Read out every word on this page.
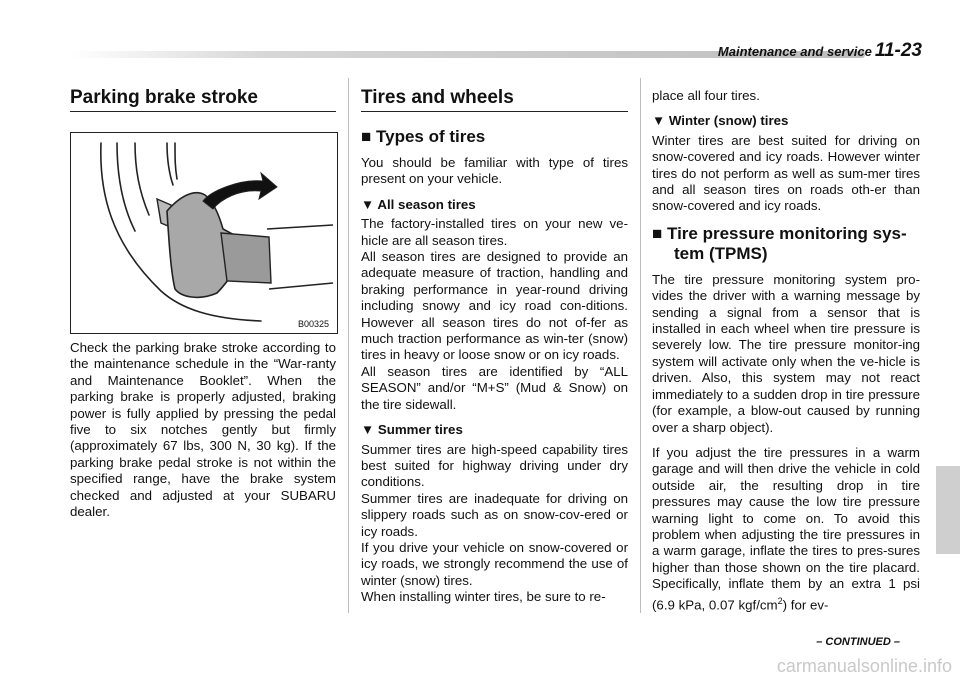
Maintenance and service 11-23
Parking brake stroke
B00325

Check the parking brake stroke according to the maintenance schedule in the “War-ranty and Maintenance Booklet”. When the parking brake is properly adjusted, braking power is fully applied by pressing the pedal five to six notches gently but firmly (approximately 67 lbs, 300 N, 30 kg). If the parking brake pedal stroke is not within the specified range, have the brake system checked and adjusted at your SUBARU dealer.

Tires and wheels
■ Types of tires

You should be familiar with type of tires present on your vehicle.

▼ All season tires
The factory-installed tires on your new ve-hicle are all season tires.
All season tires are designed to provide an adequate measure of traction, handling and braking performance in year-round driving including snowy and icy road con-ditions. However all season tires do not of-fer as much traction performance as win-ter (snow) tires in heavy or loose snow or on icy roads.

All season tires are identified by “ALL SEASON” and/or “M+S” (Mud & Snow) on the tire sidewall.

▼ Summer tires
Summer tires are high-speed capability tires best suited for highway driving under dry conditions.
Summer tires are inadequate for driving on slippery roads such as on snow-cov-ered or icy roads.
If you drive your vehicle on snow-covered or icy roads, we strongly recommend the use of winter (snow) tires.
When installing winter tires, be sure to re-

place all four tires.

▼ Winter (snow) tires

Winter tires are best suited for driving on snow-covered and icy roads. However winter tires do not perform as well as sum-mer tires and all season tires on roads oth-er than snow-covered and icy roads.

■ Tire pressure monitoring sys-
tem (TPMS)

The tire pressure monitoring system pro-vides the driver with a warning message by sending a signal from a sensor that is installed in each wheel when tire pressure is severely low. The tire pressure monitor-ing system will activate only when the ve-hicle is driven. Also, this system may not react immediately to a sudden drop in tire pressure (for example, a blow-out caused by running over a sharp object).

If you adjust the tire pressures in a warm garage and will then drive the vehicle in cold outside air, the resulting drop in tire pressures may cause the low tire pressure warning light to come on. To avoid this problem when adjusting the tire pressures in a warm garage, inflate the tires to pres-sures higher than those shown on the tire placard. Specifically, inflate them by an extra 1 psi (6.9 kPa, 0.07 kgf/$cm^2$) for ev-

– CONTINUED –
carmanualsonline.info
